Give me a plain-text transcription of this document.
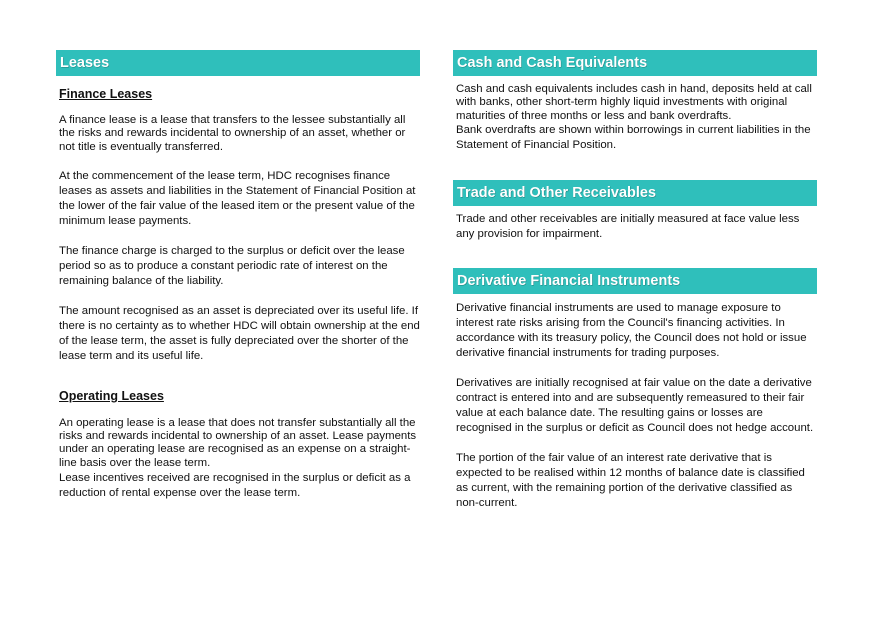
Leases
Finance Leases

A finance lease is a lease that transfers to the lessee substantially all the risks and rewards incidental to ownership of an asset, whether or not title is eventually transferred.

At the commencement of the lease term, HDC recognises finance leases as assets and liabilities in the Statement of Financial Position at the lower of the fair value of the leased item or the present value of the minimum lease payments.

The finance charge is charged to the surplus or deficit over the lease period so as to produce a constant periodic rate of interest on the remaining balance of the liability.

The amount recognised as an asset is depreciated over its useful life. If there is no certainty as to whether HDC will obtain ownership at the end of the lease term, the asset is fully depreciated over the shorter of the lease term and its useful life.

Operating Leases

An operating lease is a lease that does not transfer substantially all the risks and rewards incidental to ownership of an asset. Lease payments under an operating lease are recognised as an expense on a straight-line basis over the lease term.

Lease incentives received are recognised in the surplus or deficit as a reduction of rental expense over the lease term.

Cash and Cash Equivalents

Cash and cash equivalents includes cash in hand, deposits held at call with banks, other short-term highly liquid investments with original maturities of three months or less and bank overdrafts.

Bank overdrafts are shown within borrowings in current liabilities in the Statement of Financial Position.

Trade and Other Receivables

Trade and other receivables are initially measured at face value less any provision for impairment.

Derivative Financial Instruments

Derivative financial instruments are used to manage exposure to interest rate risks arising from the Council's financing activities. In accordance with its treasury policy, the Council does not hold or issue derivative financial instruments for trading purposes.

Derivatives are initially recognised at fair value on the date a derivative contract is entered into and are subsequently remeasured to their fair value at each balance date. The resulting gains or losses are recognised in the surplus or deficit as Council does not hedge account.

The portion of the fair value of an interest rate derivative that is expected to be realised within 12 months of balance date is classified as current, with the remaining portion of the derivative classified as non-current.
